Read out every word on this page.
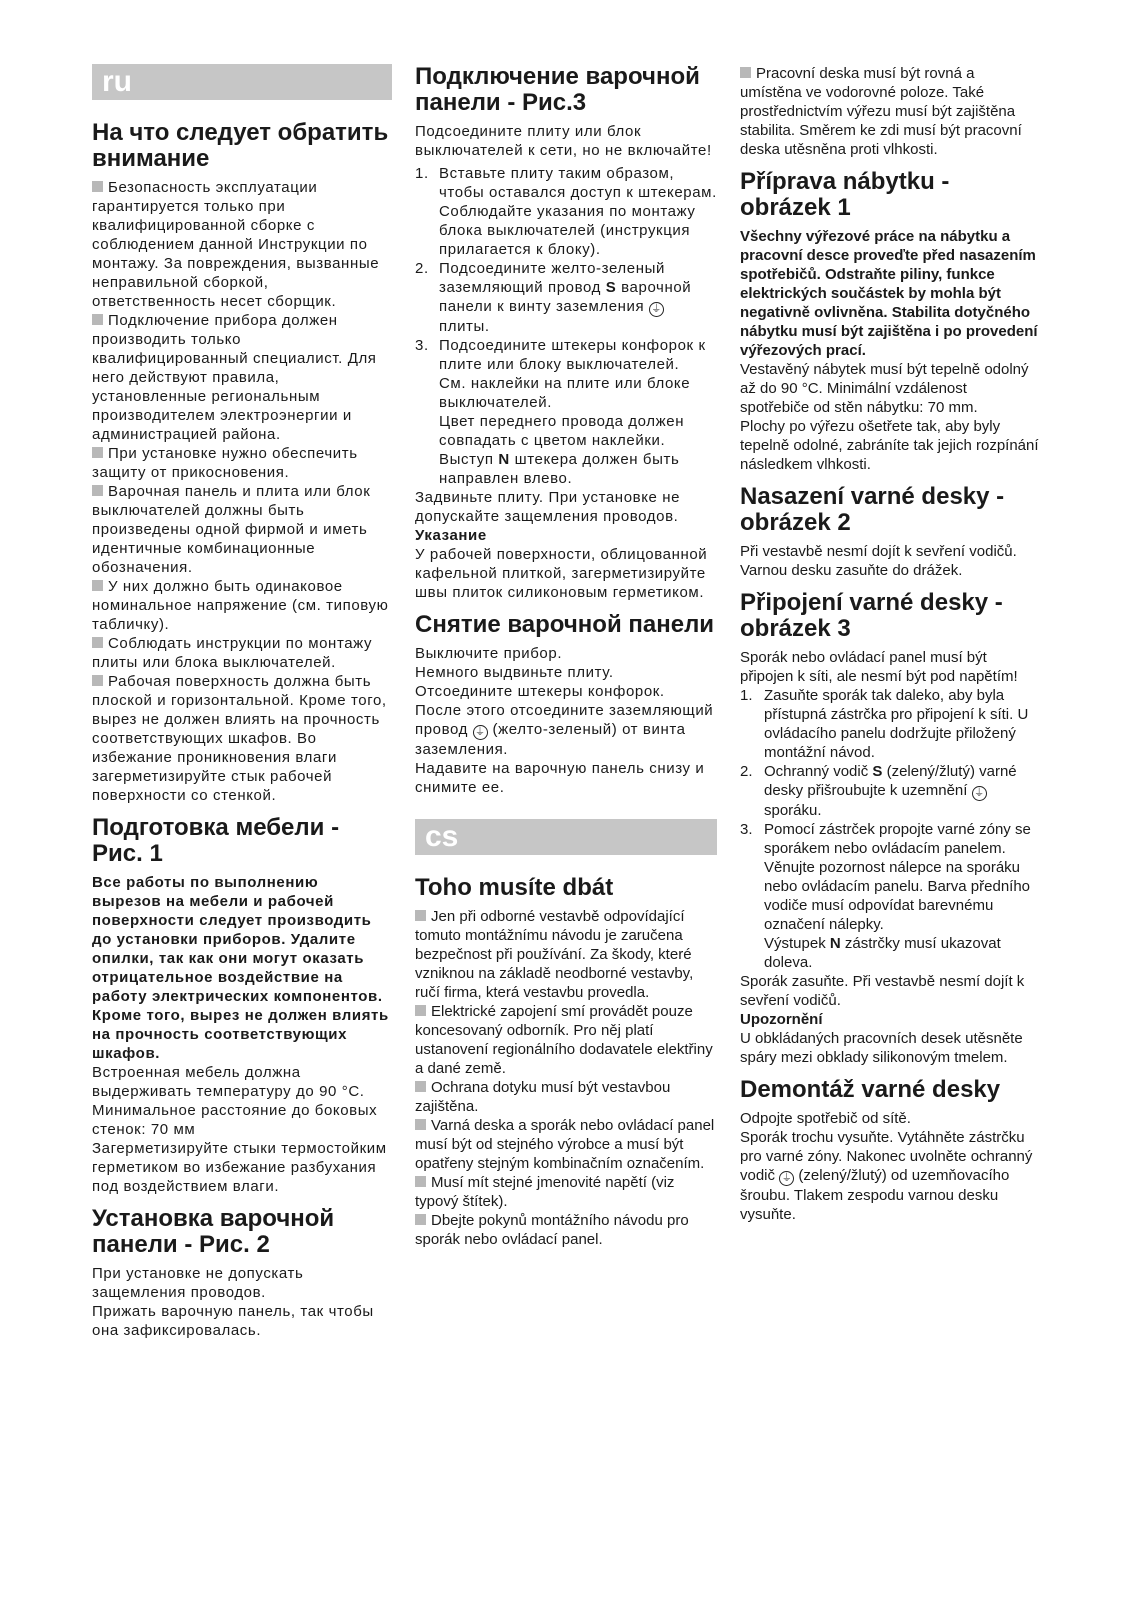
ru
На что следует обратить внимание

Безопасность эксплуатации гарантируется только при квалифицированной сборке с соблюдением данной Инструкции по монтажу. За повреждения, вызванные неправильной сборкой, ответственность несет сборщик.

Подключение прибора должен производить только квалифицированный специалист. Для него действуют правила, установленные региональным производителем электроэнергии и администрацией района.

При установке нужно обеспечить защиту от прикосновения.

Варочная панель и плита или блок выключателей должны быть произведены одной фирмой и иметь идентичные комбинационные обозначения.

У них должно быть одинаковое номинальное напряжение (см. типовую табличку).

Соблюдать инструкции по монтажу плиты или блока выключателей.

Рабочая поверхность должна быть плоской и горизонтальной. Кроме того, вырез не должен влиять на прочность соответствующих шкафов. Во избежание проникновения влаги загерметизируйте стык рабочей поверхности со стенкой.

Подготовка мебели - Рис. 1

Все работы по выполнению вырезов на мебели и рабочей поверхности следует производить до установки приборов. Удалите опилки, так как они могут оказать отрицательное воздействие на работу электрических компонентов. Кроме того, вырез не должен влиять на прочность соответствующих шкафов.

Встроенная мебель должна выдерживать температуру до 90 °C. Минимальное расстояние до боковых стенок: 70 мм

Загерметизируйте стыки термостойким герметиком во избежание разбухания под воздействием влаги.

Установка варочной панели - Рис. 2

При установке не допускать защемления проводов.

Прижать варочную панель, так чтобы она зафиксировалась.

Подключение варочной панели - Рис.3

Подсоедините плиту или блок выключателей к сети, но не включайте!

1. Вставьте плиту таким образом, чтобы оставался доступ к штекерам.
Соблюдайте указания по монтажу блока выключателей (инструкция прилагается к блоку).
2. Подсоедините желто-зеленый заземляющий провод S варочной панели к винту заземления ⏚ плиты.
3. Подсоедините штекеры конфорок к плите или блоку выключателей.
См. наклейки на плите или блоке выключателей.
Цвет переднего провода должен совпадать с цветом наклейки.
Выступ N штекера должен быть направлен влево.

Задвиньте плиту. При установке не допускайте защемления проводов.

Указание

У рабочей поверхности, облицованной кафельной плиткой, загерметизируйте швы плиток силиконовым герметиком.

Снятие варочной панели

Выключите прибор.

Немного выдвиньте плиту.

Отсоедините штекеры конфорок.

После этого отсоедините заземляющий провод ⏚ (желто-зеленый) от винта заземления.

Надавите на варочную панель снизу и снимите ее.

cs
Toho musíte dbát

Jen při odborné vestavbě odpovídající tomuto montážnímu návodu je zaručena bezpečnost při používání. Za škody, které vzniknou na základě neodborné vestavby, ručí firma, která vestavbu provedla.

Elektrické zapojení smí provádět pouze koncesovaný odborník. Pro něj platí ustanovení regionálního dodavatele elektřiny a dané země.

Ochrana dotyku musí být vestavbou zajištěna.

Varná deska a sporák nebo ovládací panel musí být od stejného výrobce a musí být opatřeny stejným kombinačním označením.

Musí mít stejné jmenovité napětí (viz typový štítek).

Dbejte pokynů montážního návodu pro sporák nebo ovládací panel.

Pracovní deska musí být rovná a umístěna ve vodorovné poloze. Také prostřednictvím výřezu musí být zajištěna stabilita. Směrem ke zdi musí být pracovní deska utěsněna proti vlhkosti.

Příprava nábytku - obrázek 1

Všechny výřezové práce na nábytku a pracovní desce proveďte před nasazením spotřebičů. Odstraňte piliny, funkce elektrických součástek by mohla být negativně ovlivněna. Stabilita dotyčného nábytku musí být zajištěna i po provedení výřezových prací.

Vestavěný nábytek musí být tepelně odolný až do 90 °C. Minimální vzdálenost spotřebiče od stěn nábytku: 70 mm.

Plochy po výřezu ošetřete tak, aby byly tepelně odolné, zabráníte tak jejich rozpínání následkem vlhkosti.

Nasazení varné desky - obrázek 2

Při vestavbě nesmí dojít k sevření vodičů.

Varnou desku zasuňte do drážek.

Připojení varné desky - obrázek 3

Sporák nebo ovládací panel musí být připojen k síti, ale nesmí být pod napětím!

1. Zasuňte sporák tak daleko, aby byla přístupná zástrčka pro připojení k síti. U ovládacího panelu dodržujte přiložený montážní návod.
2. Ochranný vodič S (zelený/žlutý) varné desky přišroubujte k uzemnění ⏚ sporáku.
3. Pomocí zástrček propojte varné zóny se sporákem nebo ovládacím panelem.
Věnujte pozornost nálepce na sporáku nebo ovládacím panelu. Barva předního vodiče musí odpovídat barevnému označení nálepky.
Výstupek N zástrčky musí ukazovat doleva.

Sporák zasuňte. Při vestavbě nesmí dojít k sevření vodičů.

Upozornění

U obkládaných pracovních desek utěsněte spáry mezi obklady silikonovým tmelem.

Demontáž varné desky

Odpojte spotřebič od sítě.

Sporák trochu vysuňte. Vytáhněte zástrčku pro varné zóny. Nakonec uvolněte ochranný vodič ⏚ (zelený/žlutý) od uzemňovacího šroubu. Tlakem zespodu varnou desku vysuňte.
